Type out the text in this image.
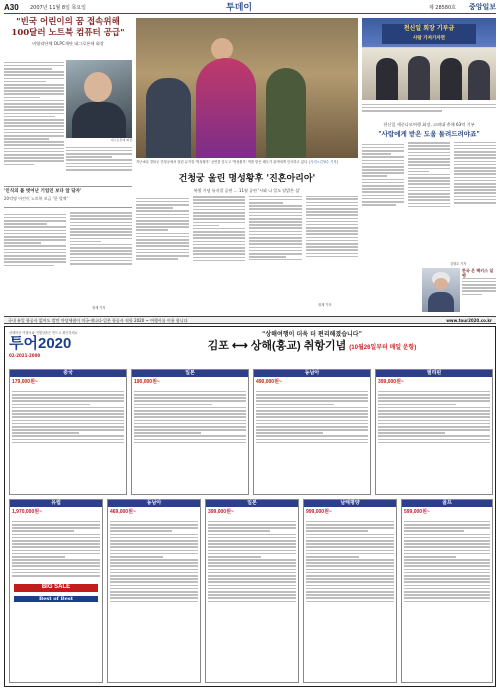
A30 2007년 11월 8일 목요일	투데이	제 28580호 중앙일보
"빈국 어린이의 꿈 접속위해
100달러 노트북 컴퓨터 공급"
비영리단체 OLPC재단 네그로폰테 회장
네그로폰테 회장
'인식의 틀 벗어난 기업인 보다 앞 닦자'
20억명 어린이 노트북 보급 '한 발짝'
정재 기자
지난 6일 경복궁 건청궁에서 열린 뮤지컬 '명성황후' 공연을 앞두고 '명성황후' 역을 맡은 배우가 관객에게 인사하고 있다. [사진=김형수 기자]
건청궁 울린 명성황후 '진혼아리아'
복원 기념 뮤지컬 공연 … 11월 공연 '시와 나 일도 달밝은 섬'
정재 기자
천신일 회장 기부금
사람 가져가자면
천신일 세중나모여행 회장, 고려대 총애 63억 기부
"사람에게 받은 도움 돌려드려야죠"
김형수 기자
한국 온 팩키스 일행
국내 유일 항공사 없어도 발만 마당세월이 미국·캐나다·일본 항공사 직항 2020 ~ 여행사를 이용 합니다	www.tour2020.co.kr
선택하신 여행사와 여행상품은 반드시 확인하세요
투어2020
02-2021-2000
“상해여행이 더욱 더 편리해졌습니다”
김포 ⟷ 상해(홍교) 취항기념 (10월26일부터 매일 운항)
중국
179,000원~
일본
190,000원~
동남아
490,000원~
필리핀
399,000원~
유럽
1,970,000원~
BIG SALE
Best of Best
동남아
469,000원~
일본
399,000원~
남태평양
999,000원~
골프
599,000원~
